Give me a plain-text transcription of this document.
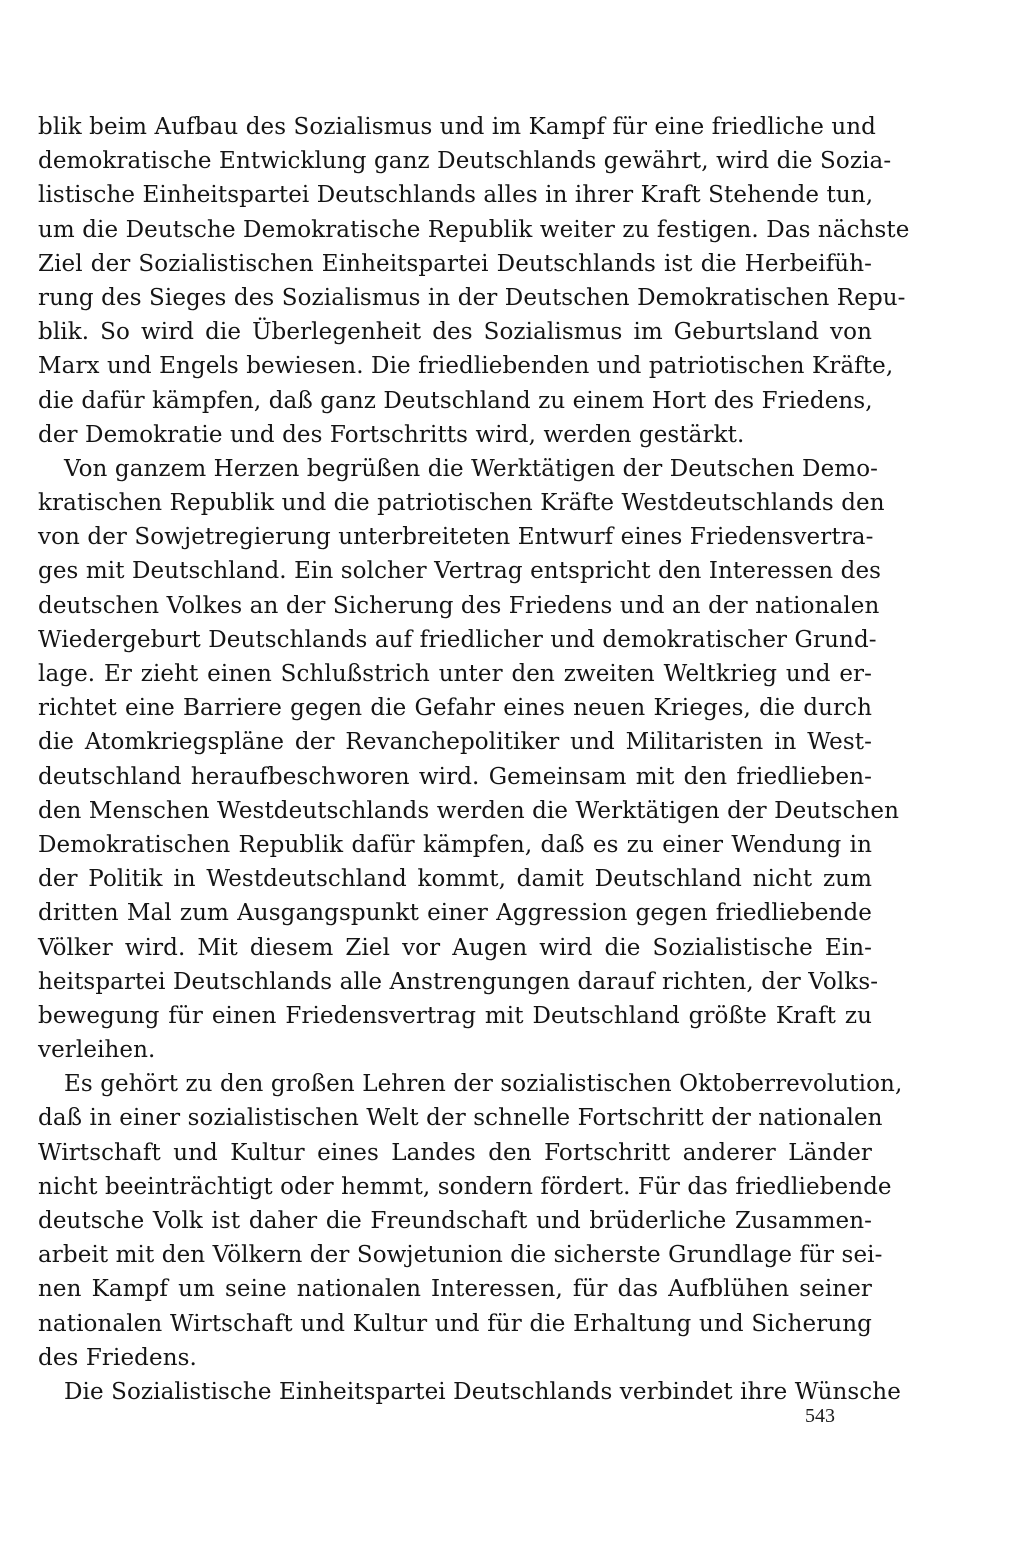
blik beim Aufbau des Sozialismus und im Kampf für eine friedliche und
demokratische Entwicklung ganz Deutschlands gewährt, wird die Sozia-
listische Einheitspartei Deutschlands alles in ihrer Kraft Stehende tun,
um die Deutsche Demokratische Republik weiter zu festigen. Das nächste
Ziel der Sozialistischen Einheitspartei Deutschlands ist die Herbeifüh-
rung des Sieges des Sozialismus in der Deutschen Demokratischen Repu-
blik. So wird die Überlegenheit des Sozialismus im Geburtsland von
Marx und Engels bewiesen. Die friedliebenden und patriotischen Kräfte,
die dafür kämpfen, daß ganz Deutschland zu einem Hort des Friedens,
der Demokratie und des Fortschritts wird, werden gestärkt.
Von ganzem Herzen begrüßen die Werktätigen der Deutschen Demo-
kratischen Republik und die patriotischen Kräfte Westdeutschlands den
von der Sowjetregierung unterbreiteten Entwurf eines Friedensvertra-
ges mit Deutschland. Ein solcher Vertrag entspricht den Interessen des
deutschen Volkes an der Sicherung des Friedens und an der nationalen
Wiedergeburt Deutschlands auf friedlicher und demokratischer Grund-
lage. Er zieht einen Schlußstrich unter den zweiten Weltkrieg und er-
richtet eine Barriere gegen die Gefahr eines neuen Krieges, die durch
die Atomkriegspläne der Revanchepolitiker und Militaristen in West-
deutschland heraufbeschworen wird. Gemeinsam mit den friedlieben-
den Menschen Westdeutschlands werden die Werktätigen der Deutschen
Demokratischen Republik dafür kämpfen, daß es zu einer Wendung in
der Politik in Westdeutschland kommt, damit Deutschland nicht zum
dritten Mal zum Ausgangspunkt einer Aggression gegen friedliebende
Völker wird. Mit diesem Ziel vor Augen wird die Sozialistische Ein-
heitspartei Deutschlands alle Anstrengungen darauf richten, der Volks-
bewegung für einen Friedensvertrag mit Deutschland größte Kraft zu
verleihen.
Es gehört zu den großen Lehren der sozialistischen Oktoberrevolution,
daß in einer sozialistischen Welt der schnelle Fortschritt der nationalen
Wirtschaft und Kultur eines Landes den Fortschritt anderer Länder
nicht beeinträchtigt oder hemmt, sondern fördert. Für das friedliebende
deutsche Volk ist daher die Freundschaft und brüderliche Zusammen-
arbeit mit den Völkern der Sowjetunion die sicherste Grundlage für sei-
nen Kampf um seine nationalen Interessen, für das Aufblühen seiner
nationalen Wirtschaft und Kultur und für die Erhaltung und Sicherung
des Friedens.
Die Sozialistische Einheitspartei Deutschlands verbindet ihre Wünsche
543
